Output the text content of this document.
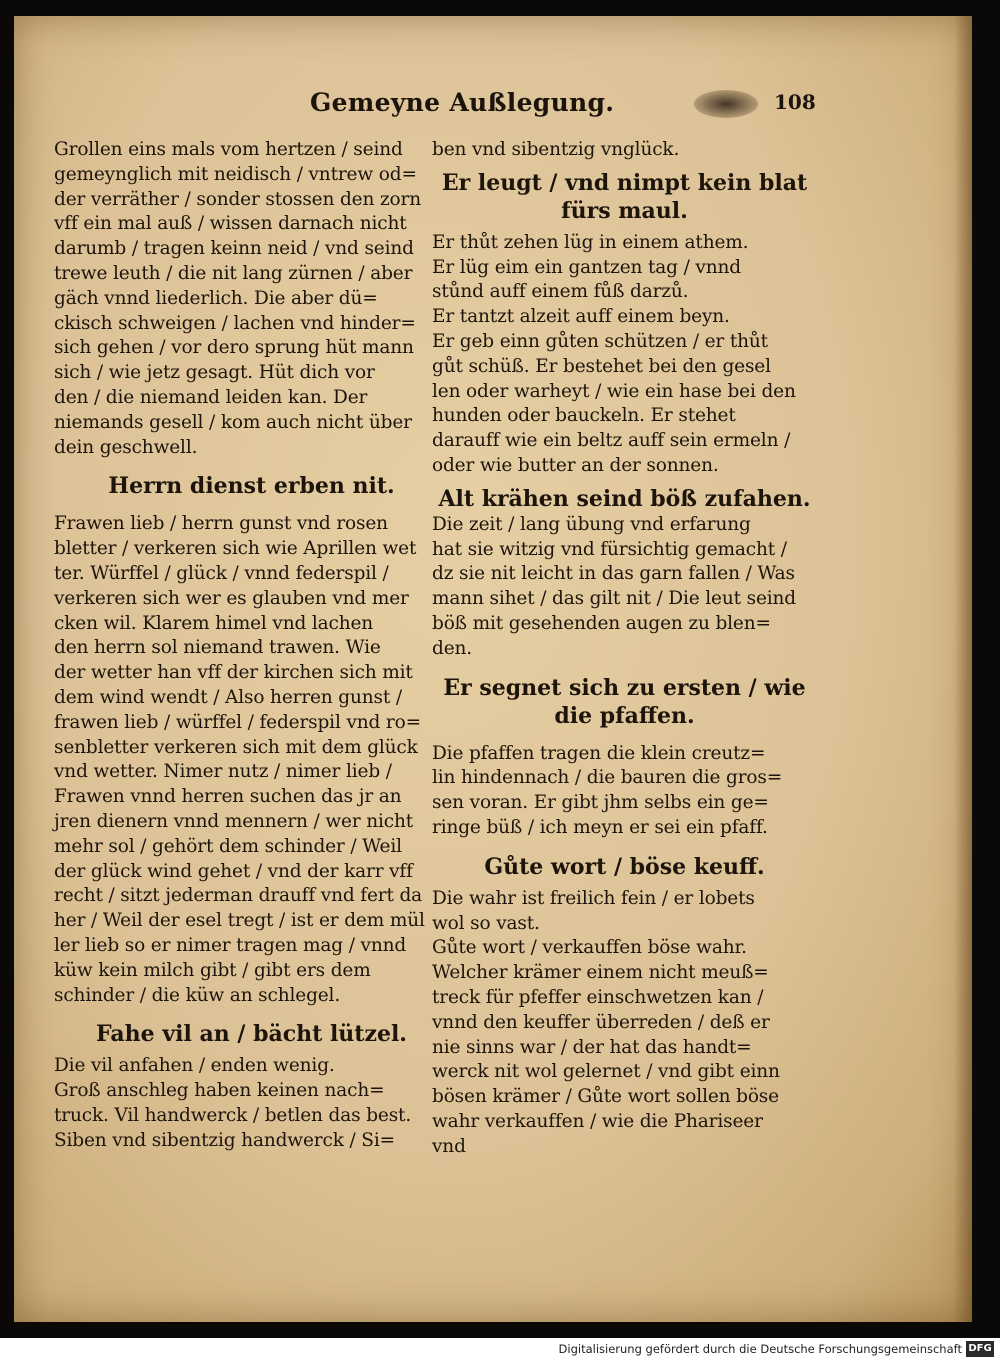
Gemeyne Außlegung.	108
Grollen eins mals vom hertzen / seind
gemeynglich mit neidisch / vntrew od=
der verräther / sonder stossen den zorn
vff ein mal auß / wissen darnach nicht
darumb / tragen keinn neid / vnd seind
trewe leuth / die nit lang zürnen / aber
gäch vnnd liederlich. Die aber dü=
ckisch schweigen / lachen vnd hinder=
sich gehen / vor dero sprung hüt mann
sich / wie jetz gesagt. Hüt dich vor
den / die niemand leiden kan. Der
niemands gesell / kom auch nicht über
dein geschwell.
Herrn dienst erben nit.
Frawen lieb / herrn gunst vnd rosen
bletter / verkeren sich wie Aprillen wet
ter. Würffel / glück / vnnd federspil /
verkeren sich wer es glauben vnd mer
cken wil. Klarem himel vnd lachen
den herrn sol niemand trawen. Wie
der wetter han vff der kirchen sich mit
dem wind wendt / Also herren gunst /
frawen lieb / würffel / federspil vnd ro=
senbletter verkeren sich mit dem glück
vnd wetter. Nimer nutz / nimer lieb /
Frawen vnnd herren suchen das jr an
jren dienern vnnd mennern / wer nicht
mehr sol / gehört dem schinder / Weil
der glück wind gehet / vnd der karr vff
recht / sitzt jederman drauff vnd fert da
her / Weil der esel tregt / ist er dem mül
ler lieb so er nimer tragen mag / vnnd
küw kein milch gibt / gibt ers dem
schinder / die küw an schlegel.
Fahe vil an / bächt lützel.
Die vil anfahen / enden wenig.
Groß anschleg haben keinen nach=
truck. Vil handwerck / betlen das best.
Siben vnd sibentzig handwerck / Si=
ben vnd sibentzig vnglück.
Er leugt / vnd nimpt kein blat
fürs maul.
Er thůt zehen lüg in einem athem.
Er lüg eim ein gantzen tag / vnnd
stůnd auff einem fůß darzů.
Er tantzt alzeit auff einem beyn.
Er geb einn gůten schützen / er thůt
gůt schüß. Er bestehet bei den gesel
len oder warheyt / wie ein hase bei den
hunden oder bauckeln. Er stehet
darauff wie ein beltz auff sein ermeln /
oder wie butter an der sonnen.
Alt krähen seind böß zufahen.
Die zeit / lang übung vnd erfarung
hat sie witzig vnd fürsichtig gemacht /
dz sie nit leicht in das garn fallen / Was
mann sihet / das gilt nit / Die leut seind
böß mit gesehenden augen zu blen=
den.
Er segnet sich zu ersten / wie
die pfaffen.
Die pfaffen tragen die klein creutz=
lin hindennach / die bauren die gros=
sen voran. Er gibt jhm selbs ein ge=
ringe büß / ich meyn er sei ein pfaff.
Gůte wort / böse keuff.
Die wahr ist freilich fein / er lobets
wol so vast.
Gůte wort / verkauffen böse wahr.
Welcher krämer einem nicht meuß=
treck für pfeffer einschwetzen kan /
vnnd den keuffer überreden / deß er
nie sinns war / der hat das handt=
werck nit wol gelernet / vnd gibt einn
bösen krämer / Gůte wort sollen böse
wahr verkauffen / wie die Phariseer
vnd
Digitalisierung gefördert durch die Deutsche Forschungsgemeinschaft DFG
